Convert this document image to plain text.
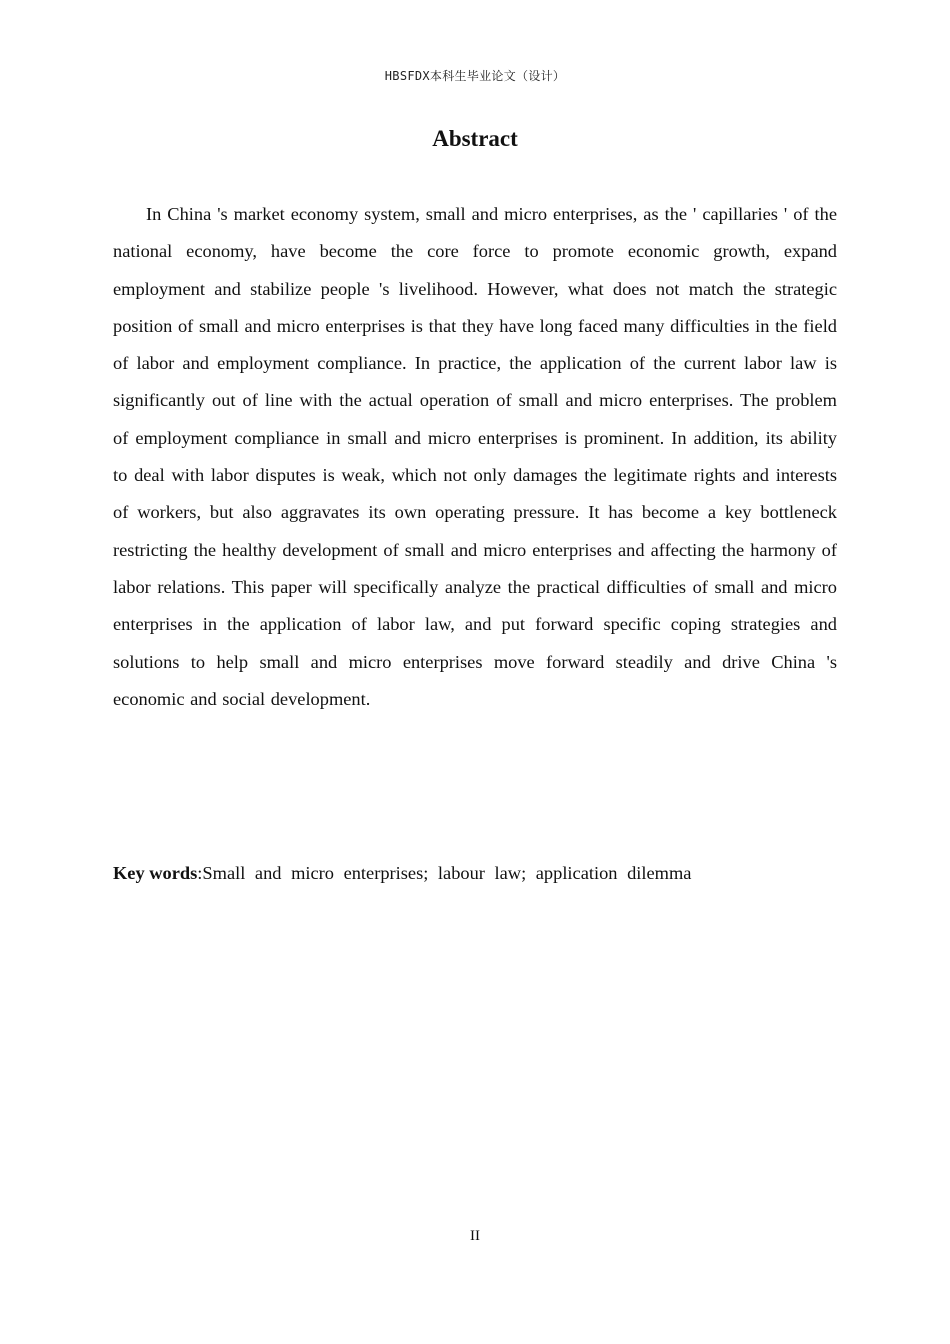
HBSFDX本科生毕业论文（设计）
Abstract

In China 's market economy system, small and micro enterprises, as the ' capillaries ' of the national economy, have become the core force to promote economic growth, expand employment and stabilize people 's livelihood. However, what does not match the strategic position of small and micro enterprises is that they have long faced many difficulties in the field of labor and employment compliance. In practice, the application of the current labor law is significantly out of line with the actual operation of small and micro enterprises. The problem of employment compliance in small and micro enterprises is prominent. In addition, its ability to deal with labor disputes is weak, which not only damages the legitimate rights and interests of workers, but also aggravates its own operating pressure. It has become a key bottleneck restricting the healthy development of small and micro enterprises and affecting the harmony of labor relations. This paper will specifically analyze the practical difficulties of small and micro enterprises in the application of labor law, and put forward specific coping strategies and solutions to help small and micro enterprises move forward steadily and drive China 's economic and social development.

Key words:Small and micro enterprises; labour law; application dilemma

II
